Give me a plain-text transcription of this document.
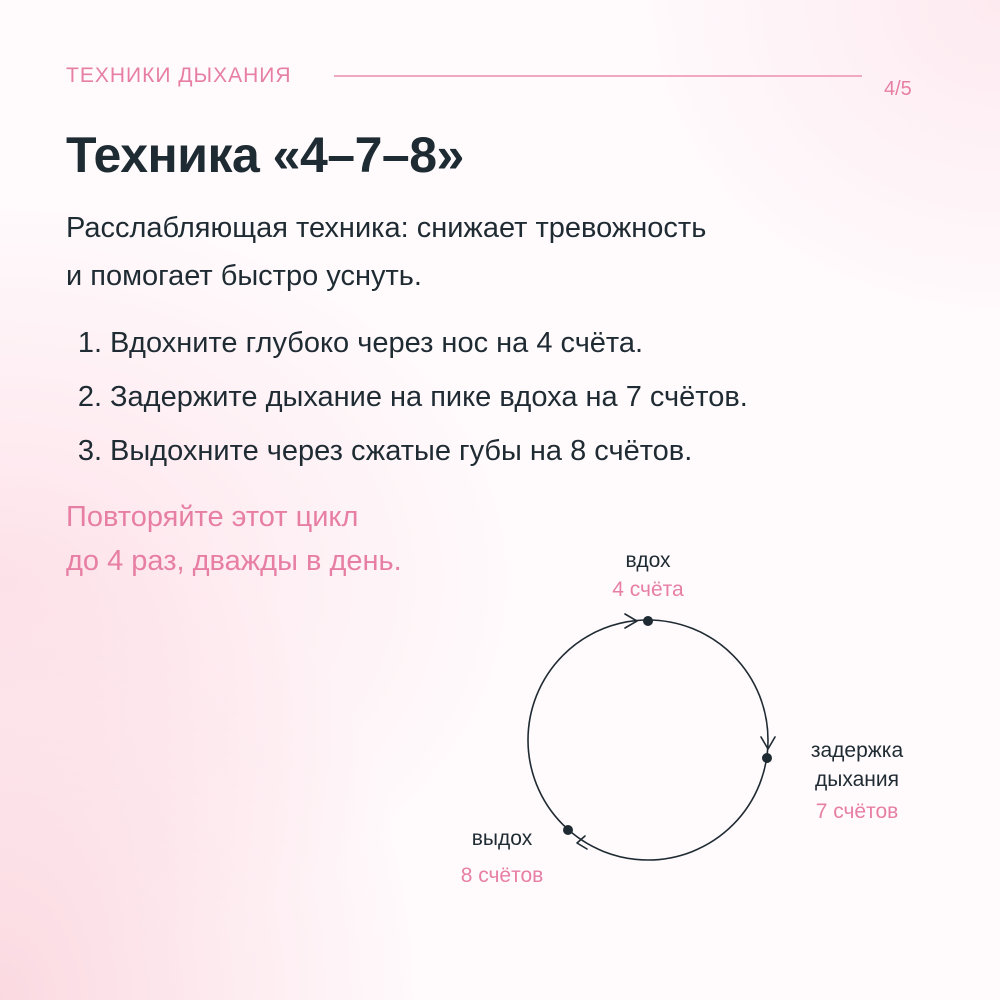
ТЕХНИКИ ДЫХАНИЯ
4/5
Техника «4–7–8»

Расслабляющая техника: снижает тревожность
и помогает быстро уснуть.

1. Вдохните глубоко через нос на 4 счёта.
2. Задержите дыхание на пике вдоха на 7 счётов.
3. Выдохните через сжатые губы на 8 счётов.

Повторяйте этот цикл
до 4 раз, дважды в день.	вдох
4 счёта
задержка
дыхания
7 счётов
выдох
8 счётов
